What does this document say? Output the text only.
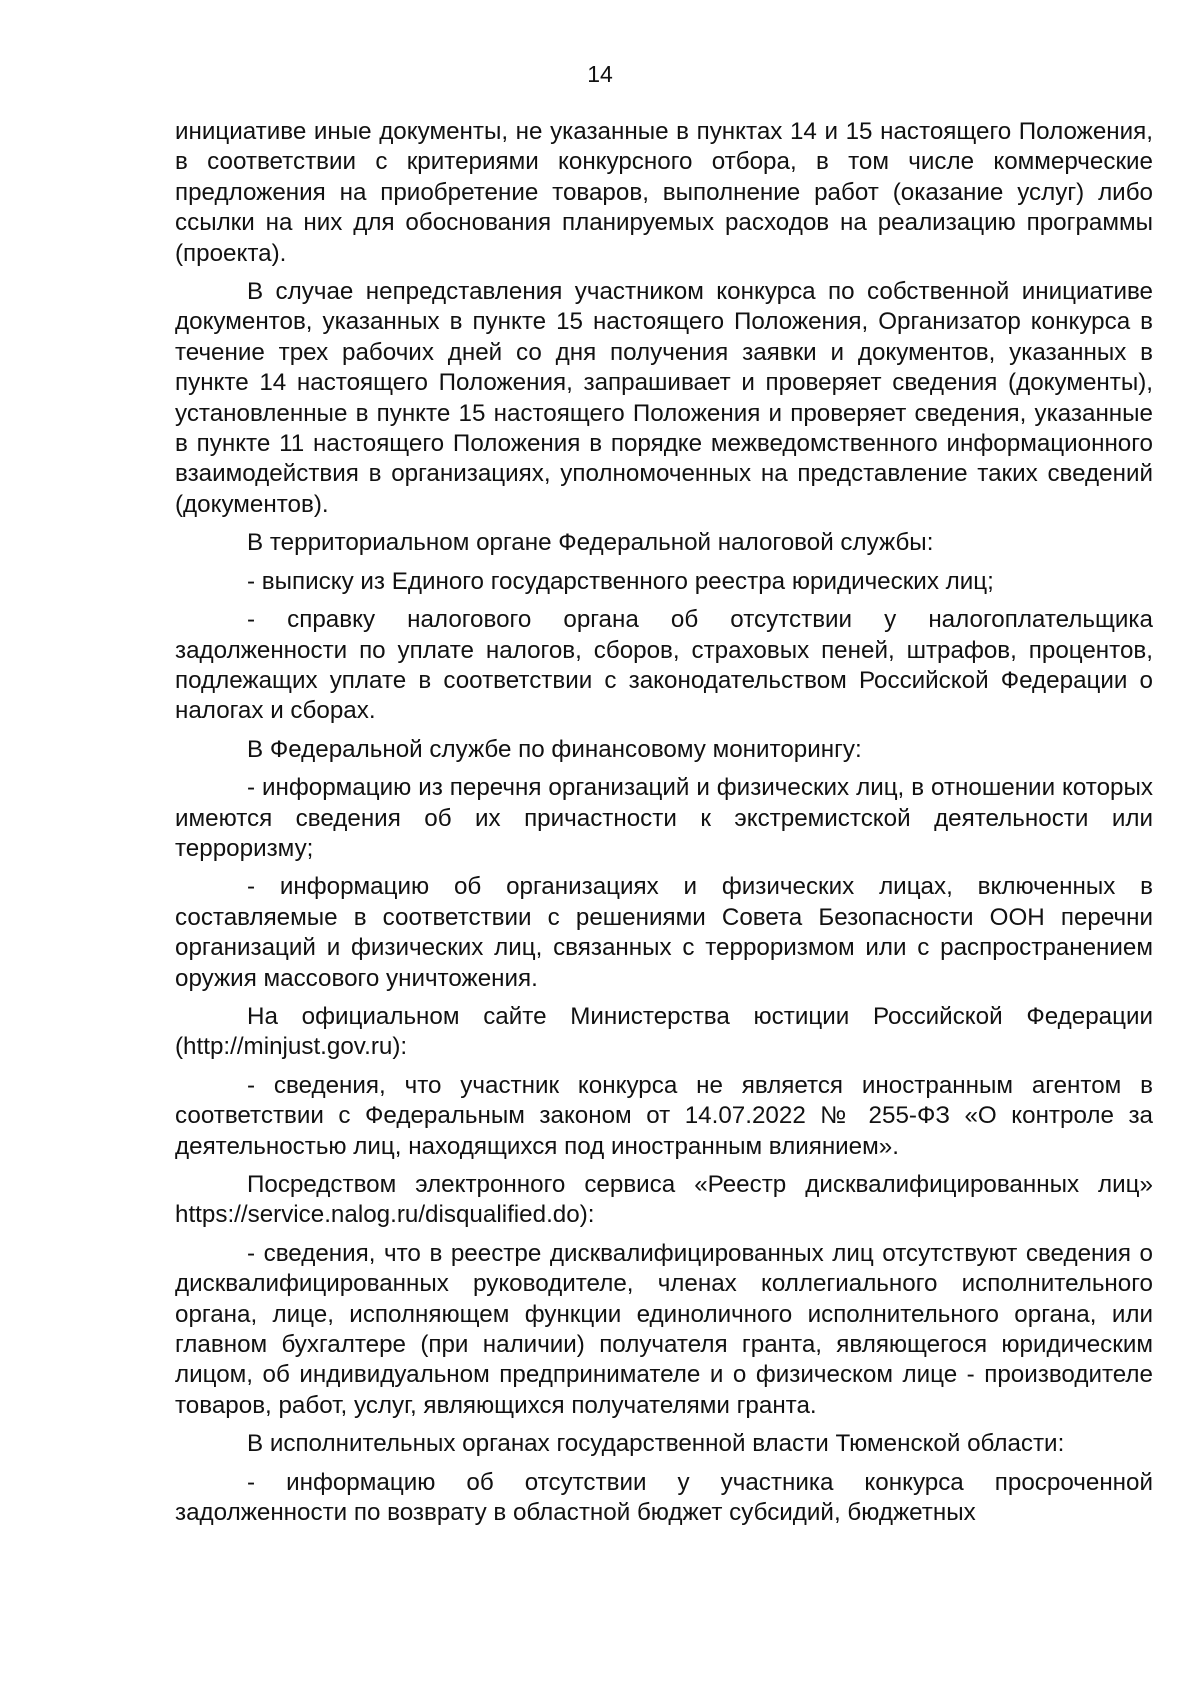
14

инициативе иные документы, не указанные в пунктах 14 и 15 настоящего Положения, в соответствии с критериями конкурсного отбора, в том числе коммерческие предложения на приобретение товаров, выполнение работ (оказание услуг) либо ссылки на них для обоснования планируемых расходов на реализацию программы (проекта).

В случае непредставления участником конкурса по собственной инициативе документов, указанных в пункте 15 настоящего Положения, Организатор конкурса в течение трех рабочих дней со дня получения заявки и документов, указанных в пункте 14 настоящего Положения, запрашивает и проверяет сведения (документы), установленные в пункте 15 настоящего Положения и проверяет сведения, указанные в пункте 11 настоящего Положения в порядке межведомственного информационного взаимодействия в организациях, уполномоченных на представление таких сведений (документов).

В территориальном органе Федеральной налоговой службы:

- выписку из Единого государственного реестра юридических лиц;

- справку налогового органа об отсутствии у налогоплательщика задолженности по уплате налогов, сборов, страховых пеней, штрафов, процентов, подлежащих уплате в соответствии с законодательством Российской Федерации о налогах и сборах.

В Федеральной службе по финансовому мониторингу:

- информацию из перечня организаций и физических лиц, в отношении которых имеются сведения об их причастности к экстремистской деятельности или терроризму;

- информацию об организациях и физических лицах, включенных в составляемые в соответствии с решениями Совета Безопасности ООН перечни организаций и физических лиц, связанных с терроризмом или с распространением оружия массового уничтожения.

На официальном сайте Министерства юстиции Российской Федерации (http://minjust.gov.ru):

- сведения, что участник конкурса не является иностранным агентом в соответствии с Федеральным законом от 14.07.2022 № 255-ФЗ «О контроле за деятельностью лиц, находящихся под иностранным влиянием».

Посредством электронного сервиса «Реестр дисквалифицированных лиц» https://service.nalog.ru/disqualified.do):

- сведения, что в реестре дисквалифицированных лиц отсутствуют сведения о дисквалифицированных руководителе, членах коллегиального исполнительного органа, лице, исполняющем функции единоличного исполнительного органа, или главном бухгалтере (при наличии) получателя гранта, являющегося юридическим лицом, об индивидуальном предпринимателе и о физическом лице - производителе товаров, работ, услуг, являющихся получателями гранта.

В исполнительных органах государственной власти Тюменской области:

- информацию об отсутствии у участника конкурса просроченной задолженности по возврату в областной бюджет субсидий, бюджетных
